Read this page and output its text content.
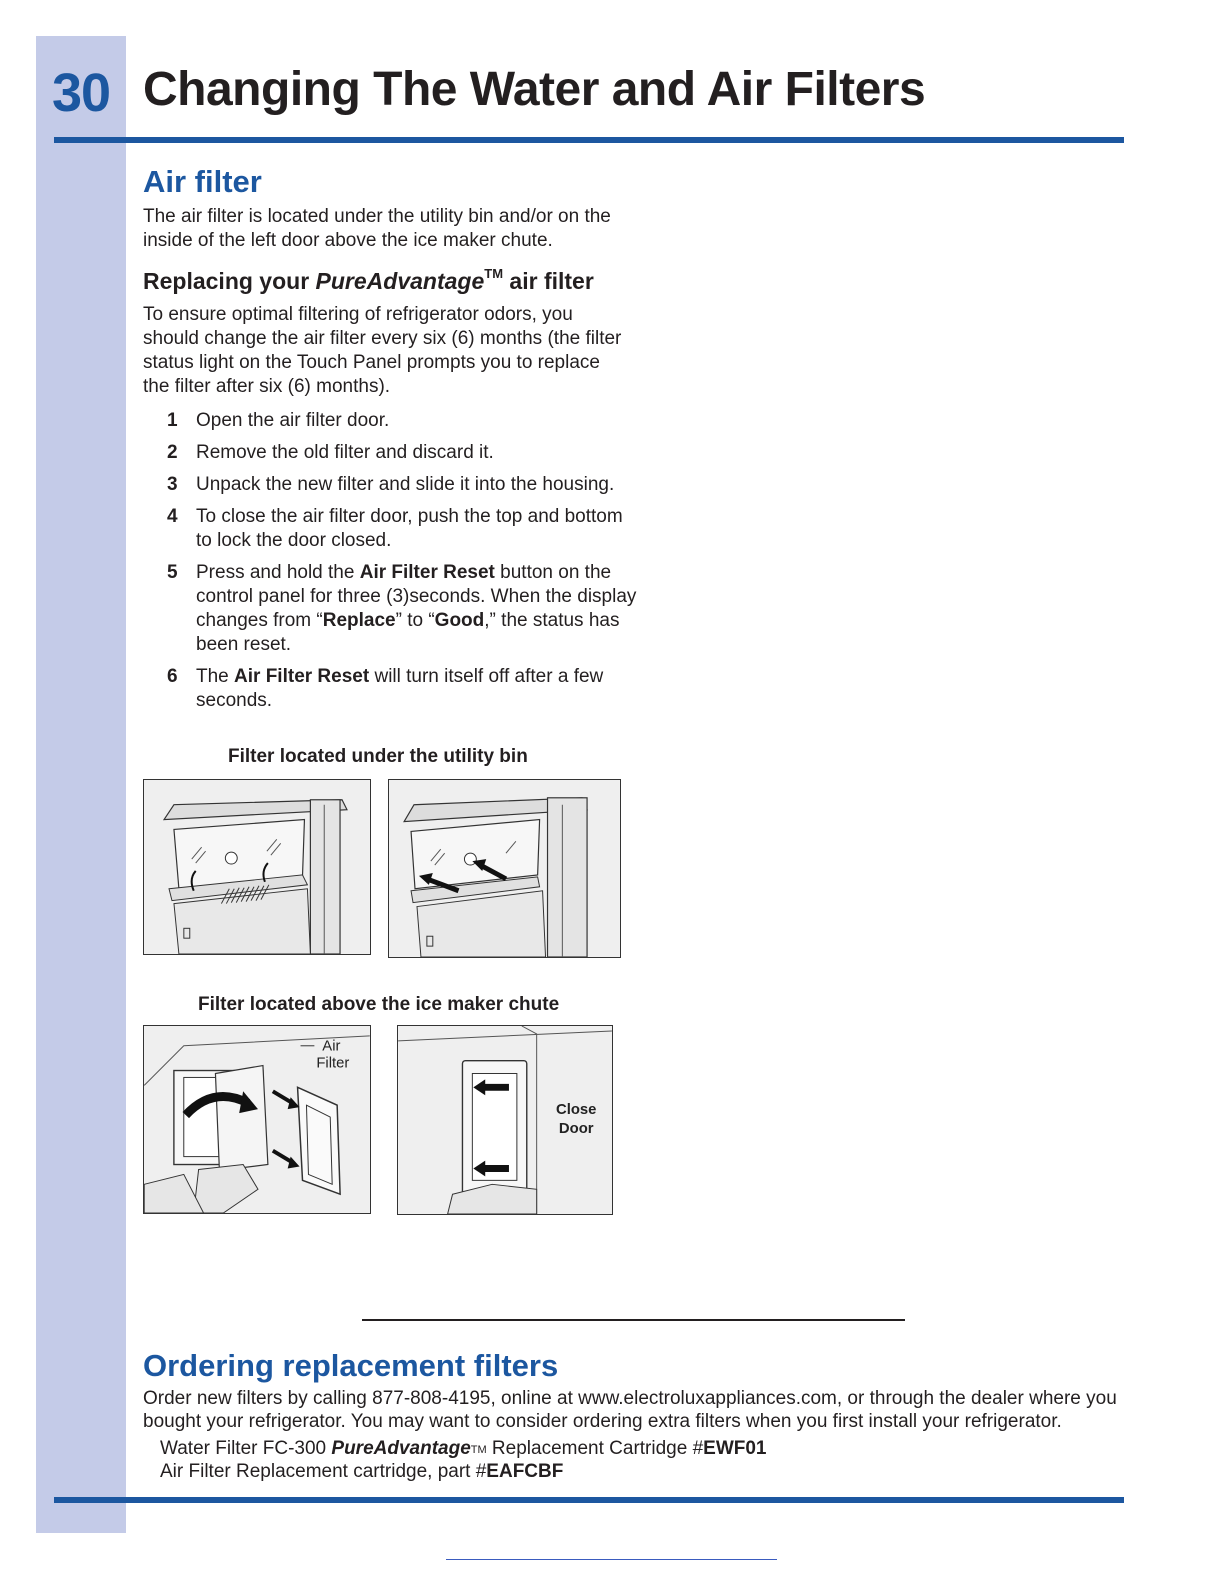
30 Changing The Water and Air Filters
Air filter
The air filter is located under the utility bin and/or on the inside of the left door above the ice maker chute.
Replacing your PureAdvantage™ air filter
To ensure optimal filtering of refrigerator odors, you should change the air filter every six (6) months (the filter status light on the Touch Panel prompts you to replace the filter after six (6) months).
1 Open the air filter door.
2 Remove the old filter and discard it.
3 Unpack the new filter and slide it into the housing.
4 To close the air filter door, push the top and bottom to lock the door closed.
5 Press and hold the Air Filter Reset button on the control panel for three (3)seconds. When the display changes from “Replace” to “Good,” the status has been reset.
6 The Air Filter Reset will turn itself off after a few seconds.
Filter located under the utility bin
Filter located above the ice maker chute
Air
Filter
Close
Door
Ordering replacement filters
Order new filters by calling 877-808-4195, online at www.electroluxappliances.com, or through the dealer where you bought your refrigerator. You may want to consider ordering extra filters when you first install your refrigerator.
Water Filter FC-300 PureAdvantage™ Replacement Cartridge #EWF01
Air Filter Replacement cartridge, part #EAFCBF
